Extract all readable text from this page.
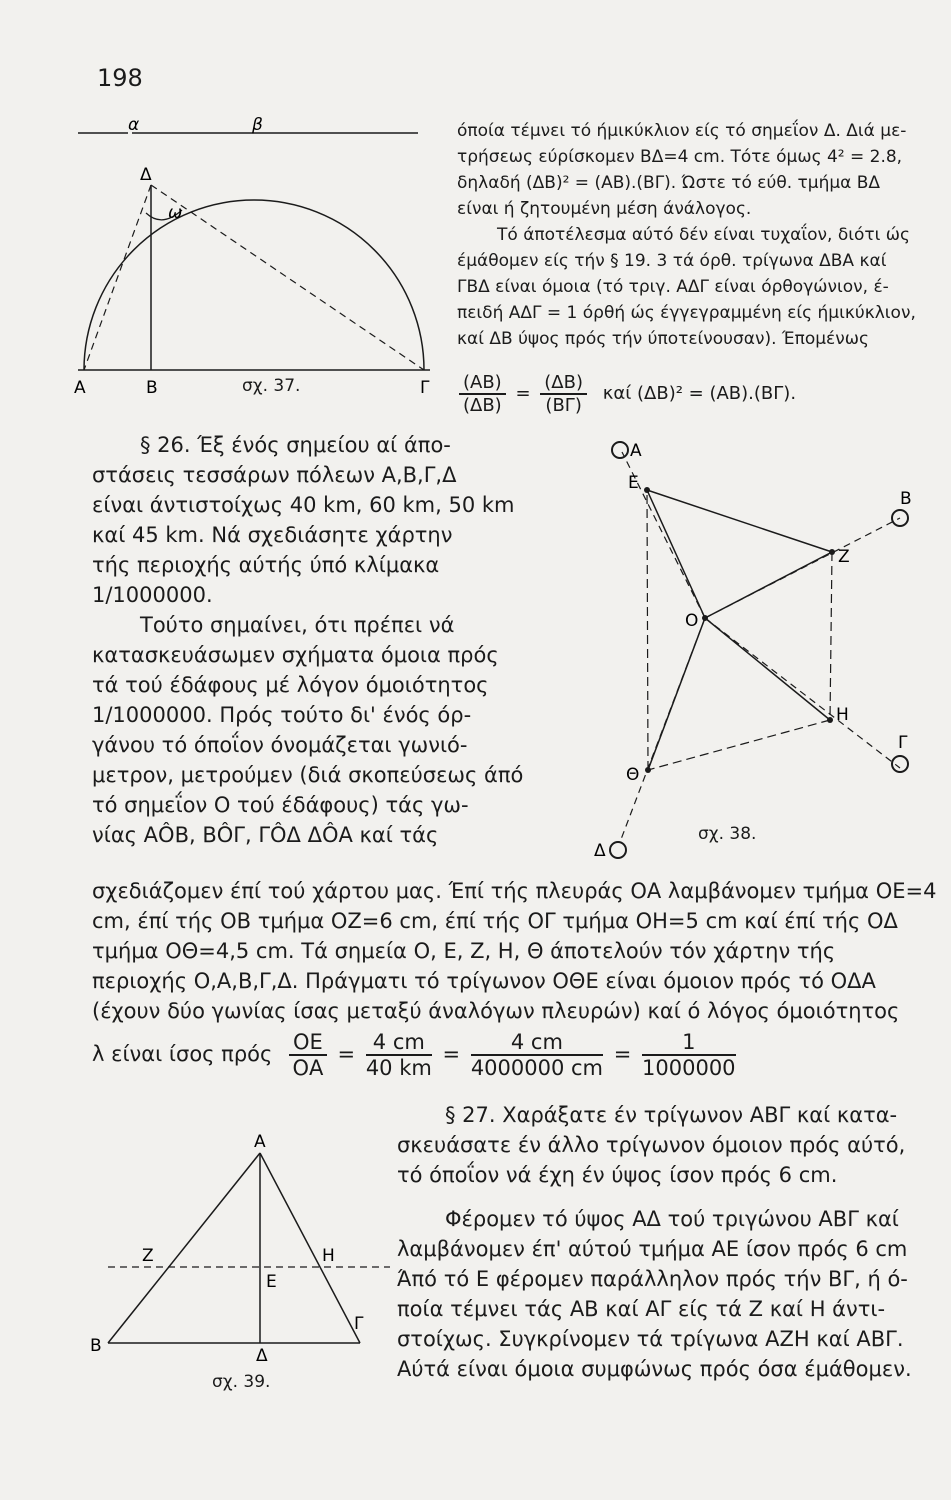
198
α	β
Δ
ω
Α	Β	Γ
σχ. 37.
όποία τέμνει τό ήμικύκλιον είς τό σημεΐον Δ. Διά με-
τρήσεως εύρίσκομεν ΒΔ=4 cm. Τότε όμως 4² = 2.8,
δηλαδή (ΔΒ)² = (ΑΒ).(ΒΓ). Ώστε τό εύθ. τμήμα ΒΔ
είναι ή ζητουμένη μέση άνάλογος.
Τό άποτέλεσμα αύτό δέν είναι τυχαΐον, διότι ώς
έμάθομεν είς τήν § 19. 3 τά όρθ. τρίγωνα ΔΒΑ καί
ΓΒΔ είναι όμοια (τό τριγ. ΑΔΓ είναι όρθογώνιον, έ-
πειδή ΑΔΓ = 1 όρθή ώς έγγεγραμμένη είς ήμικύκλιον,
καί ΔΒ ύψος πρός τήν ύποτείνουσαν). Έπομένως
$\frac{(AB)}{(\Delta B)} = \frac{(\Delta B)}{(B\Gamma)}$ καί (ΔΒ)² = (ΑΒ).(ΒΓ).
§ 26. Έξ ένός σημείου αί άπο-
στάσεις τεσσάρων πόλεων Α,Β,Γ,Δ
είναι άντιστοίχως 40 km, 60 km, 50 km
καί 45 km. Νά σχεδιάσητε χάρτην
τής περιοχής αύτής ύπό κλίμακα
1/1000000.
Τούτο σημαίνει, ότι πρέπει νά
κατασκευάσωμεν σχήματα όμοια πρός
τά τού έδάφους μέ λόγον όμοιότητος
1/1000000. Πρός τούτο δι' ένός όρ-
γάνου τό όποΐον όνομάζεται γωνιό-
μετρον, μετρούμεν (διά σκοπεύσεως άπό
τό σημεΐον Ο τού έδάφους) τάς γω-
νίας ΑÔΒ, ΒÔΓ, ΓÔΔ ΔÔΑ καί τάς
Α
Β
Γ
Δ
Ο
Ε
Ζ
Η
Θ
σχ. 38.
σχεδιάζομεν έπί τού χάρτου μας. Έπί τής πλευράς ΟΑ λαμβάνομεν τμήμα ΟΕ=4
cm, έπί τής ΟΒ τμήμα ΟΖ=6 cm, έπί τής ΟΓ τμήμα ΟΗ=5 cm καί έπί τής ΟΔ
τμήμα ΟΘ=4,5 cm. Τά σημεία Ο, Ε, Ζ, Η, Θ άποτελούν τόν χάρτην τής
περιοχής Ο,Α,Β,Γ,Δ. Πράγματι τό τρίγωνον ΟΘΕ είναι όμοιον πρός τό ΟΔΑ
(έχουν δύο γωνίας ίσας μεταξύ άναλόγων πλευρών) καί ό λόγος όμοιότητος
λ είναι ίσος πρός $\frac{OE}{OA} = \frac{4 cm}{40 km} = \frac{4 cm}{4000000 cm} = \frac{1}{1000000}$
Α
Ζ	Η
Ε
Β
Γ
Δ
σχ. 39.
§ 27. Χαράξατε έν τρίγωνον ΑΒΓ καί κατα-
σκευάσατε έν άλλο τρίγωνον όμοιον πρός αύτό,
τό όποΐον νά έχη έν ύψος ίσον πρός 6 cm.
Φέρομεν τό ύψος ΑΔ τού τριγώνου ΑΒΓ καί
λαμβάνομεν έπ' αύτού τμήμα ΑΕ ίσον πρός 6 cm
Άπό τό Ε φέρομεν παράλληλον πρός τήν ΒΓ, ή ό-
ποία τέμνει τάς ΑΒ καί ΑΓ είς τά Ζ καί Η άντι-
στοίχως. Συγκρίνομεν τά τρίγωνα ΑΖΗ καί ΑΒΓ.
Αύτά είναι όμοια συμφώνως πρός όσα έμάθομεν.
